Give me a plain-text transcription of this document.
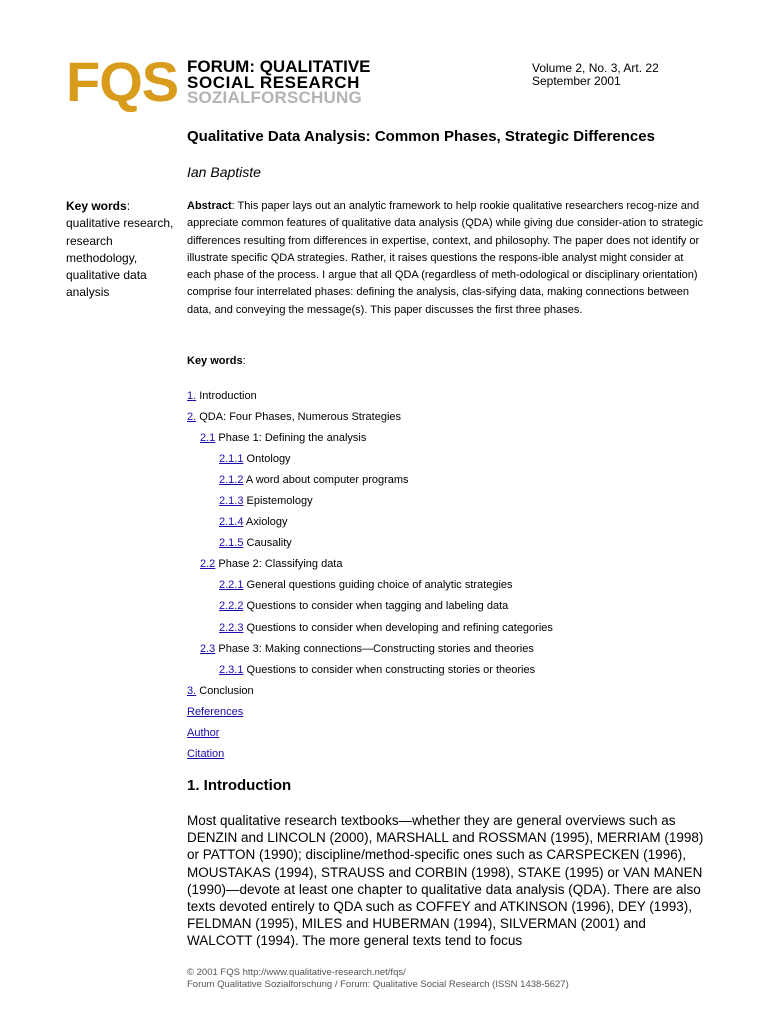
FQS FORUM: QUALITATIVE
SOCIAL RESEARCH
SOZIALFORSCHUNG
Volume 2, No. 3, Art. 22
September 2001
Qualitative Data Analysis: Common Phases, Strategic Differences
Ian Baptiste
Key words:
qualitative research, research methodology, qualitative data analysis
Abstract: This paper lays out an analytic framework to help rookie qualitative researchers recog-nize and appreciate common features of qualitative data analysis (QDA) while giving due consider-ation to strategic differences resulting from differences in expertise, context, and philosophy. The paper does not identify or illustrate specific QDA strategies. Rather, it raises questions the respons-ible analyst might consider at each phase of the process. I argue that all QDA (regardless of meth-odological or disciplinary orientation) comprise four interrelated phases: defining the analysis, clas-sifying data, making connections between data, and conveying the message(s). This paper discusses the first three phases.
Key words:
1. Introduction
2. QDA: Four Phases, Numerous Strategies
2.1 Phase 1: Defining the analysis
2.1.1 Ontology
2.1.2 A word about computer programs
2.1.3 Epistemology
2.1.4 Axiology
2.1.5 Causality
2.2 Phase 2: Classifying data
2.2.1 General questions guiding choice of analytic strategies
2.2.2 Questions to consider when tagging and labeling data
2.2.3 Questions to consider when developing and refining categories
2.3 Phase 3: Making connections—Constructing stories and theories
2.3.1 Questions to consider when constructing stories or theories
3. Conclusion
References
Author
Citation
1. Introduction
Most qualitative research textbooks—whether they are general overviews such as DENZIN and LINCOLN (2000), MARSHALL and ROSSMAN (1995), MERRIAM (1998) or PATTON (1990); discipline/method-specific ones such as CARSPECKEN (1996), MOUSTAKAS (1994), STRAUSS and CORBIN (1998), STAKE (1995) or VAN MANEN (1990)—devote at least one chapter to qualitative data analysis (QDA). There are also texts devoted entirely to QDA such as COFFEY and ATKINSON (1996), DEY (1993), FELDMAN (1995), MILES and HUBERMAN (1994), SILVERMAN (2001) and WALCOTT (1994). The more general texts tend to focus
© 2001 FQS http://www.qualitative-research.net/fqs/
Forum Qualitative Sozialforschung / Forum: Qualitative Social Research (ISSN 1438-5627)
